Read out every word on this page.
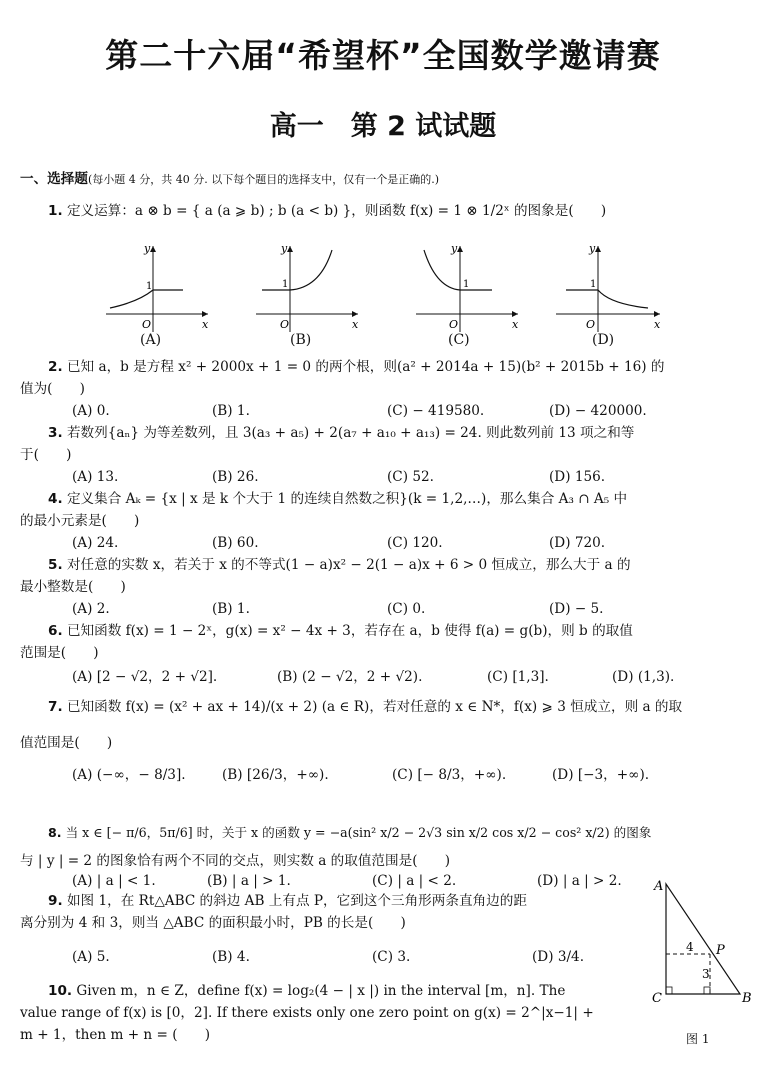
第二十六届“希望杯”全国数学邀请赛
高一　第 2 试试题
一、选择题(每小题 4 分，共 40 分. 以下每个题目的选择支中，仅有一个是正确的.)
1. 定义运算：a ⊗ b = { a (a ⩾ b) ; b (a < b) }，则函数 f(x) = 1 ⊗ 1/2ˣ 的图象是(　　)
y
1
O	x
y
1
O	x
y
1
O	x
y
1
O	x
(A)	(B)	(C)	(D)
2. 已知 a，b 是方程 x² + 2000x + 1 = 0 的两个根，则(a² + 2014a + 15)(b² + 2015b + 16) 的
值为(　　)
(A) 0.	(B) 1.	(C) − 419580.	(D) − 420000.
3. 若数列{aₙ} 为等差数列，且 3(a₃ + a₅) + 2(a₇ + a₁₀ + a₁₃) = 24. 则此数列前 13 项之和等
于(　　)
(A) 13.	(B) 26.	(C) 52.	(D) 156.
4. 定义集合 Aₖ = {x | x 是 k 个大于 1 的连续自然数之积}(k = 1,2,…)，那么集合 A₃ ∩ A₅ 中
的最小元素是(　　)
(A) 24.	(B) 60.	(C) 120.	(D) 720.
5. 对任意的实数 x，若关于 x 的不等式(1 − a)x² − 2(1 − a)x + 6 > 0 恒成立，那么大于 a 的
最小整数是(　　)
(A) 2.	(B) 1.	(C) 0.	(D) − 5.
6. 已知函数 f(x) = 1 − 2ˣ，g(x) = x² − 4x + 3，若存在 a，b 使得 f(a) = g(b)，则 b 的取值
范围是(　　)
(A) [2 − √2，2 + √2].	(B) (2 − √2，2 + √2).	(C) [1,3].	(D) (1,3).
7. 已知函数 f(x) = (x² + ax + 14)/(x + 2) (a ∈ R)，若对任意的 x ∈ N*，f(x) ⩾ 3 恒成立，则 a 的取
值范围是(　　)
(A) (−∞，− 8/3].	(B) [26/3，+∞).	(C) [− 8/3，+∞).	(D) [−3，+∞).
8. 当 x ∈ [− π/6，5π/6] 时，关于 x 的函数 y = −a(sin² x/2 − 2√3 sin x/2 cos x/2 − cos² x/2) 的图象
与 | y | = 2 的图象恰有两个不同的交点，则实数 a 的取值范围是(　　)
(A) | a | < 1.	(B) | a | > 1.	(C) | a | < 2.	(D) | a | > 2.
9. 如图 1，在 Rt△ABC 的斜边 AB 上有点 P，它到这个三角形两条直角边的距
离分别为 4 和 3，则当 △ABC 的面积最小时，PB 的长是(　　)
(A) 5.	(B) 4.	(C) 3.	(D) 3/4.
10. Given m，n ∈ Z，define f(x) = log₂(4 − | x |) in the interval [m，n]. The
value range of f(x) is [0，2]. If there exists only one zero point on g(x) = 2^|x−1| +
m + 1，then m + n = (　　)
A
P
4
3
C	B
图 1
